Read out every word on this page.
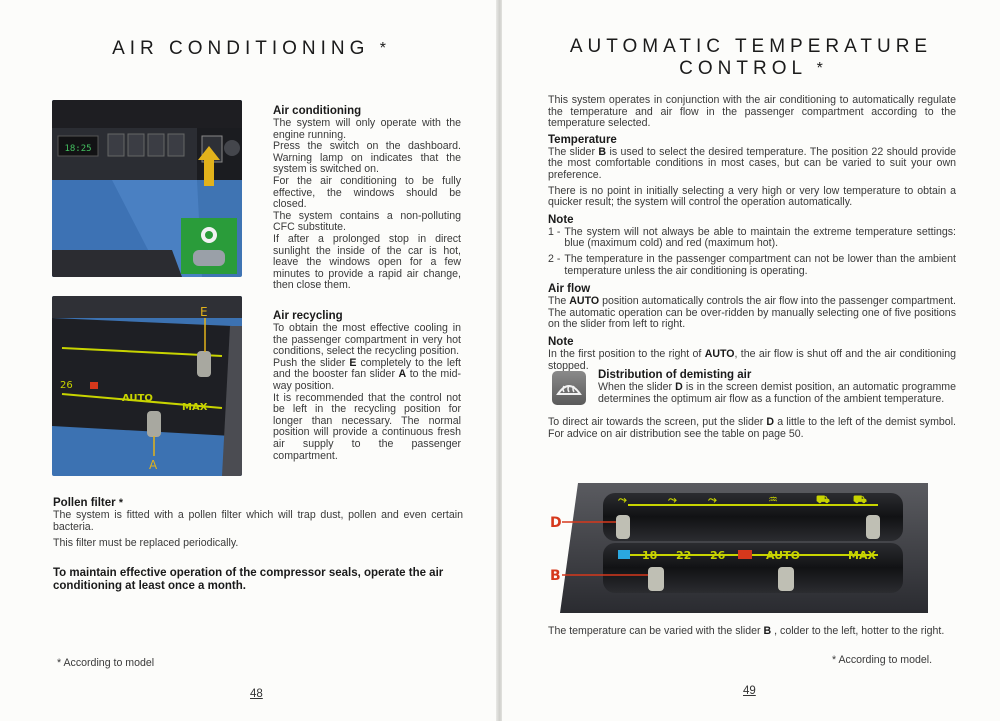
AIR CONDITIONING *
18:25

Air conditioning

The system will only operate with the engine running.
Press the switch on the dashboard. Warning lamp on indicates that the system is switched on.
For the air conditioning to be fully effective, the windows should be closed.
The system contains a non-polluting CFC substitute.
If after a prolonged stop in direct sunlight the inside of the car is hot, leave the windows open for a few minutes to provide a rapid air change, then close them.

26
AUTO
MAX
E
A

Air recycling

To obtain the most effective cooling in the passenger compartment in very hot conditions, select the recycling position.

Push the slider E completely to the left and the booster fan slider A to the mid-way position.

It is recommended that the control not be left in the recycling position for longer than necessary. The normal position will provide a continuous fresh air supply to the passenger compartment.

Pollen filter *

The system is fitted with a pollen filter which will trap dust, pollen and even certain bacteria.

This filter must be replaced periodically.

To maintain effective operation of the compressor seals, operate the air conditioning at least once a month.

* According to model
48
AUTOMATIC TEMPERATURE
CONTROL *

This system operates in conjunction with the air conditioning to automatically regulate the temperature and air flow in the passenger compartment according to the temperature selected.

Temperature

The slider B is used to select the desired temperature. The position 22 should provide the most comfortable conditions in most cases, but can be varied to suit your own preference.

There is no point in initially selecting a very high or very low temperature to obtain a quicker result; the system will control the operation automatically.

Note

1 - The system will not always be able to maintain the extreme temperature settings: blue (maximum cold) and red (maximum hot).
2 - The temperature in the passenger compartment can not be lower than the ambient temperature unless the air conditioning is operating.

Air flow

The AUTO position automatically controls the air flow into the passenger compartment. The automatic operation can be over-ridden by manually selecting one of five positions on the slider from left to right.

Note

In the first position to the right of AUTO, the air flow is shut off and the air conditioning stopped.

Distribution of demisting air

When the slider D is in the screen demist position, an automatic programme determines the optimum air flow as a function of the ambient temperature.

To direct air towards the screen, put the slider D a little to the left of the demist symbol. For advice on air distribution see the table on page 50.

⤳	⤳	⤳	♒	⛟ ⛟
18 22 26	AUTO	MAX
D
B

The temperature can be varied with the slider B , colder to the left, hotter to the right.

* According to model.
49
